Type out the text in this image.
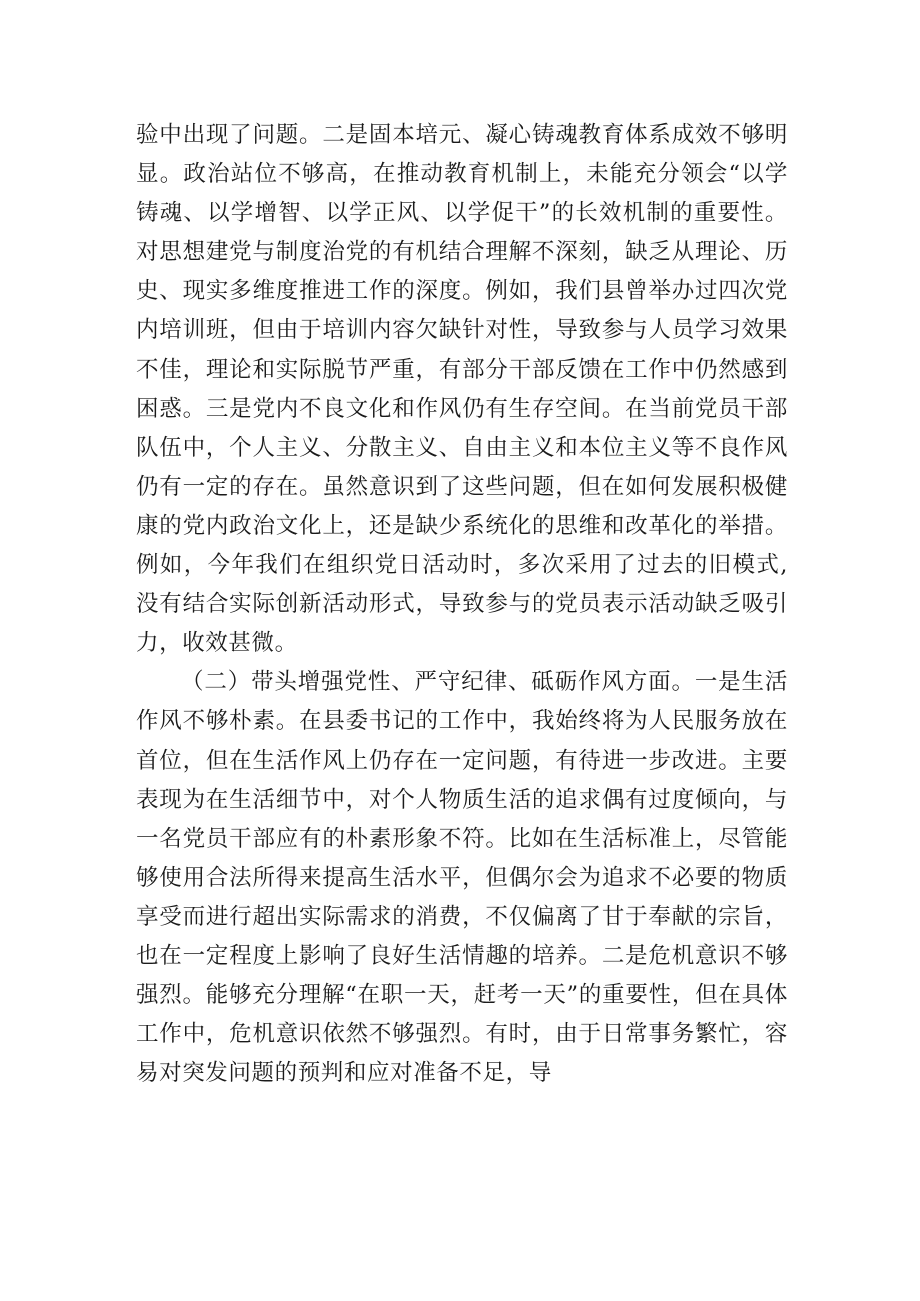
验中出现了问题。二是固本培元、凝心铸魂教育体系成效不够明显。政治站位不够高，在推动教育机制上，未能充分领会“以学铸魂、以学增智、以学正风、以学促干”的长效机制的重要性。对思想建党与制度治党的有机结合理解不深刻，缺乏从理论、历史、现实多维度推进工作的深度。例如，我们县曾举办过四次党内培训班，但由于培训内容欠缺针对性，导致参与人员学习效果不佳，理论和实际脱节严重，有部分干部反馈在工作中仍然感到困惑。三是党内不良文化和作风仍有生存空间。在当前党员干部队伍中，个人主义、分散主义、自由主义和本位主义等不良作风仍有一定的存在。虽然意识到了这些问题，但在如何发展积极健康的党内政治文化上，还是缺少系统化的思维和改革化的举措。例如，今年我们在组织党日活动时，多次采用了过去的旧模式,没有结合实际创新活动形式，导致参与的党员表示活动缺乏吸引力，收效甚微。

（二）带头增强党性、严守纪律、砥砺作风方面。一是生活作风不够朴素。在县委书记的工作中，我始终将为人民服务放在首位，但在生活作风上仍存在一定问题，有待进一步改进。主要表现为在生活细节中，对个人物质生活的追求偶有过度倾向，与一名党员干部应有的朴素形象不符。比如在生活标准上，尽管能够使用合法所得来提高生活水平，但偶尔会为追求不必要的物质享受而进行超出实际需求的消费，不仅偏离了甘于奉献的宗旨，也在一定程度上影响了良好生活情趣的培养。二是危机意识不够强烈。能够充分理解“在职一天，赶考一天”的重要性，但在具体工作中，危机意识依然不够强烈。有时，由于日常事务繁忙，容易对突发问题的预判和应对准备不足，导
